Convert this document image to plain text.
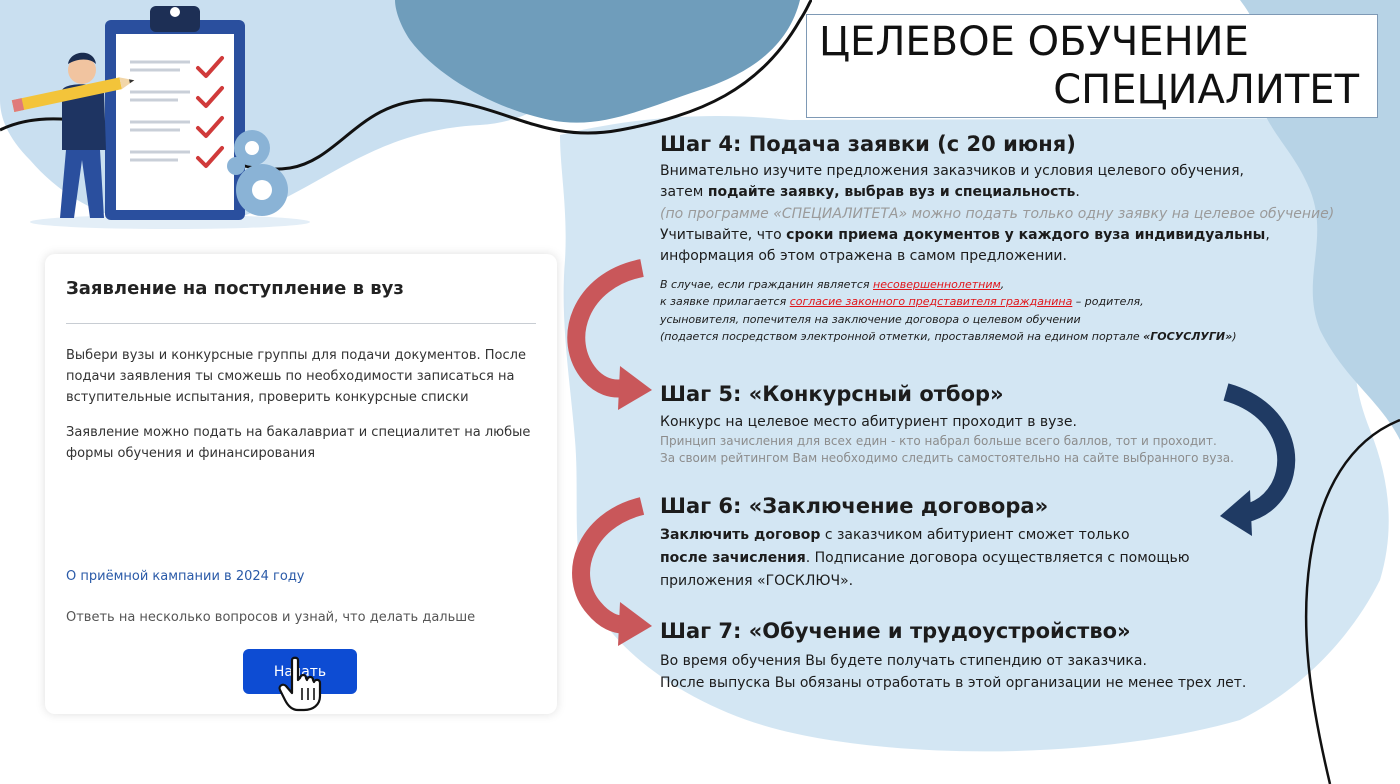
ЦЕЛЕВОЕ ОБУЧЕНИЕ
СПЕЦИАЛИТЕТ
Заявление на поступление в вуз
Выбери вузы и конкурсные группы для подачи документов. После подачи заявления ты сможешь по необходимости записаться на вступительные испытания, проверить конкурсные списки
Заявление можно подать на бакалавриат и специалитет на любые формы обучения и финансирования
О приёмной кампании в 2024 году
Ответь на несколько вопросов и узнай, что делать дальше
Начать
Шаг 4: Подача заявки (с 20 июня)
Внимательно изучите предложения заказчиков и условия целевого обучения,
затем подайте заявку, выбрав вуз и специальность.
(по программе «СПЕЦИАЛИТЕТА» можно подать только одну заявку на целевое обучение)
Учитывайте, что сроки приема документов у каждого вуза индивидуальны,
информация об этом отражена в самом предложении.
В случае, если гражданин является несовершеннолетним,
к заявке прилагается согласие законного представителя гражданина – родителя,
усыновителя, попечителя на заключение договора о целевом обучении
(подается посредством электронной отметки, проставляемой на едином портале «ГОСУСЛУГИ»)
Шаг 5: «Конкурсный отбор»
Конкурс на целевое место абитуриент проходит в вузе.
Принцип зачисления для всех един - кто набрал больше всего баллов, тот и проходит.
За своим рейтингом Вам необходимо следить самостоятельно на сайте выбранного вуза.
Шаг 6: «Заключение договора»
Заключить договор с заказчиком абитуриент сможет только
после зачисления. Подписание договора осуществляется с помощью
приложения «ГОСКЛЮЧ».
Шаг 7: «Обучение и трудоустройство»
Во время обучения Вы будете получать стипендию от заказчика.
После выпуска Вы обязаны отработать в этой организации не менее трех лет.
